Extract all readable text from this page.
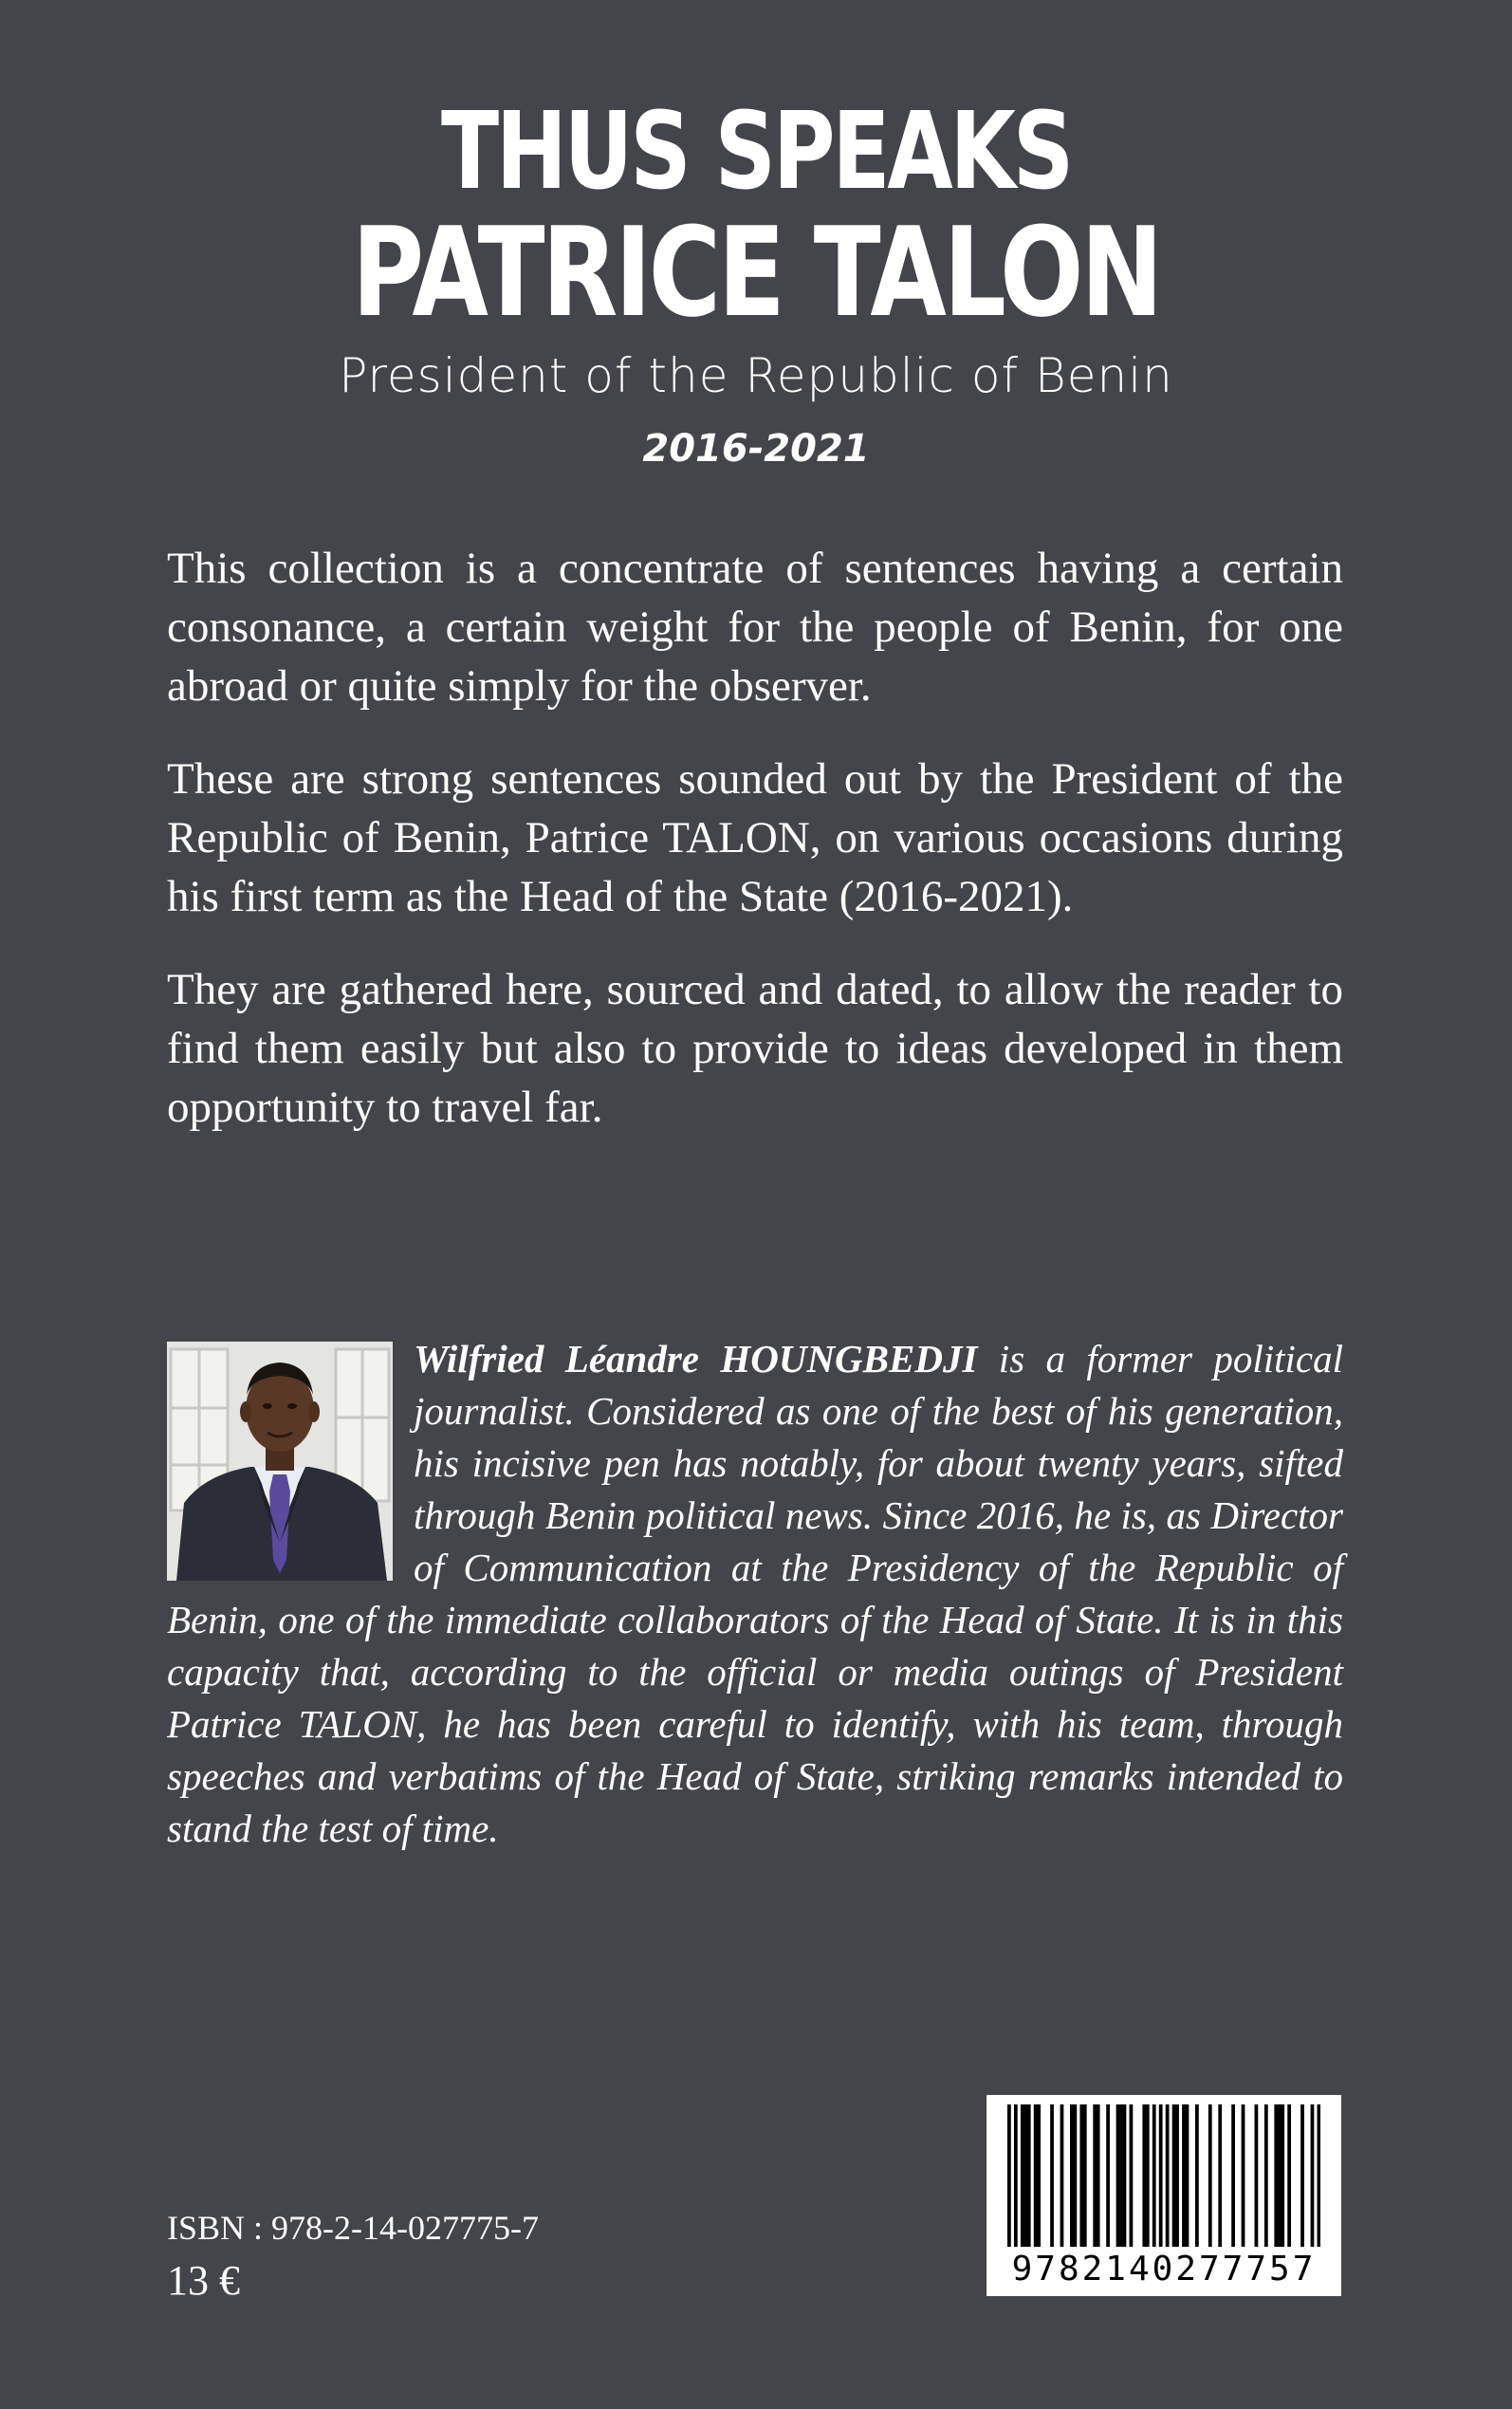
THUS SPEAKS
PATRICE TALON

President of the Republic of Benin

2016-2021

This collection is a concentrate of sentences having a certain consonance, a certain weight for the people of Benin, for one abroad or quite simply for the observer.

These are strong sentences sounded out by the President of the Republic of Benin, Patrice TALON, on various occasions during his first term as the Head of the State (2016-2021).

They are gathered here, sourced and dated, to allow the reader to find them easily but also to provide to ideas developed in them opportunity to travel far.

Wilfried Léandre HOUNGBEDJI is a former political journalist. Considered as one of the best of his generation, his incisive pen has notably, for about twenty years, sifted through Benin political news. Since 2016, he is, as Director of Communication at the Presidency of the Republic of Benin, one of the immediate collaborators of the Head of State. It is in this capacity that, according to the official or media outings of President Patrice TALON, he has been careful to identify, with his team, through speeches and verbatims of the Head of State, striking remarks intended to stand the test of time.

ISBN : 978-2-14-027775-7

13 €	9782140277757
